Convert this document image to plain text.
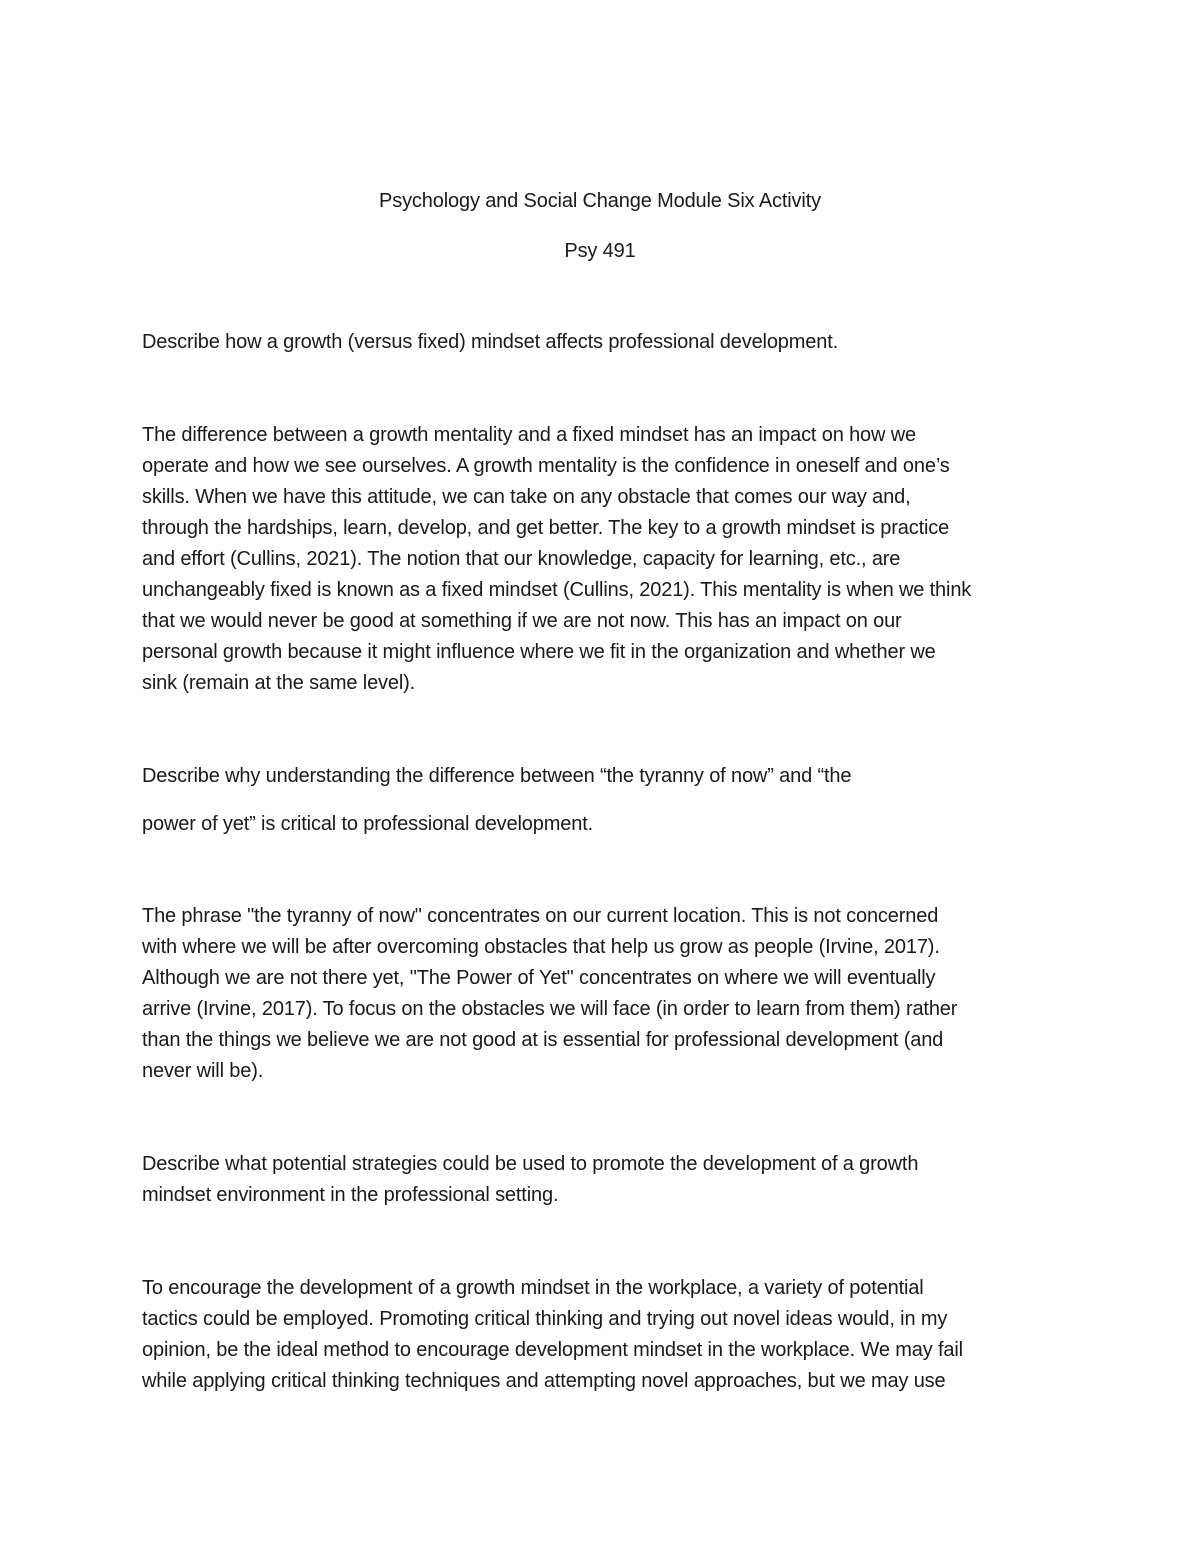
Psychology and Social Change Module Six Activity
Psy 491
Describe how a growth (versus fixed) mindset affects professional development.
The difference between a growth mentality and a fixed mindset has an impact on how we
operate and how we see ourselves. A growth mentality is the confidence in oneself and one’s
skills. When we have this attitude, we can take on any obstacle that comes our way and,
through the hardships, learn, develop, and get better. The key to a growth mindset is practice
and effort (Cullins, 2021). The notion that our knowledge, capacity for learning, etc., are
unchangeably fixed is known as a fixed mindset (Cullins, 2021). This mentality is when we think
that we would never be good at something if we are not now. This has an impact on our
personal growth because it might influence where we fit in the organization and whether we
sink (remain at the same level).
Describe why understanding the difference between “the tyranny of now” and “the
power of yet” is critical to professional development.
The phrase "the tyranny of now" concentrates on our current location. This is not concerned
with where we will be after overcoming obstacles that help us grow as people (Irvine, 2017).
Although we are not there yet, "The Power of Yet" concentrates on where we will eventually
arrive (Irvine, 2017). To focus on the obstacles we will face (in order to learn from them) rather
than the things we believe we are not good at is essential for professional development (and
never will be).
Describe what potential strategies could be used to promote the development of a growth
mindset environment in the professional setting.
To encourage the development of a growth mindset in the workplace, a variety of potential
tactics could be employed. Promoting critical thinking and trying out novel ideas would, in my
opinion, be the ideal method to encourage development mindset in the workplace. We may fail
while applying critical thinking techniques and attempting novel approaches, but we may use
